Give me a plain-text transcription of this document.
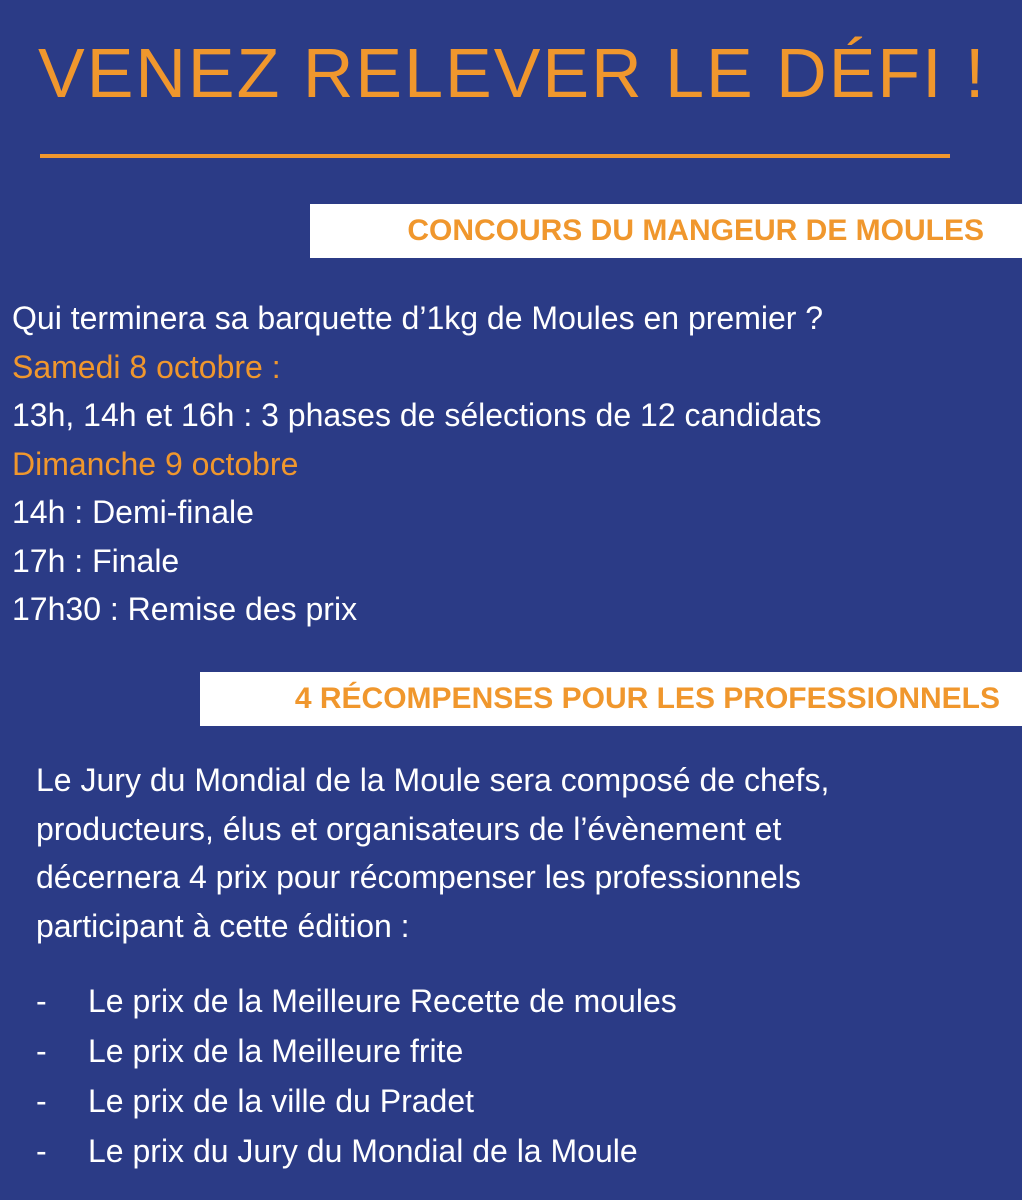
VENEZ RELEVER LE DÉFI !
CONCOURS DU MANGEUR DE MOULES
Qui terminera sa barquette d’1kg de Moules en premier ?
Samedi 8 octobre :
13h, 14h et 16h : 3 phases de sélections de 12 candidats
Dimanche 9 octobre
14h : Demi-finale
17h : Finale
17h30 : Remise des prix
4 RÉCOMPENSES POUR LES PROFESSIONNELS
Le Jury du Mondial de la Moule sera composé de chefs,
producteurs, élus et organisateurs de l’évènement et
décernera 4 prix pour récompenser les professionnels
participant à cette édition :
-	Le prix de la Meilleure Recette de moules
-	Le prix de la Meilleure frite
-	Le prix de la ville du Pradet
-	Le prix du Jury du Mondial de la Moule
